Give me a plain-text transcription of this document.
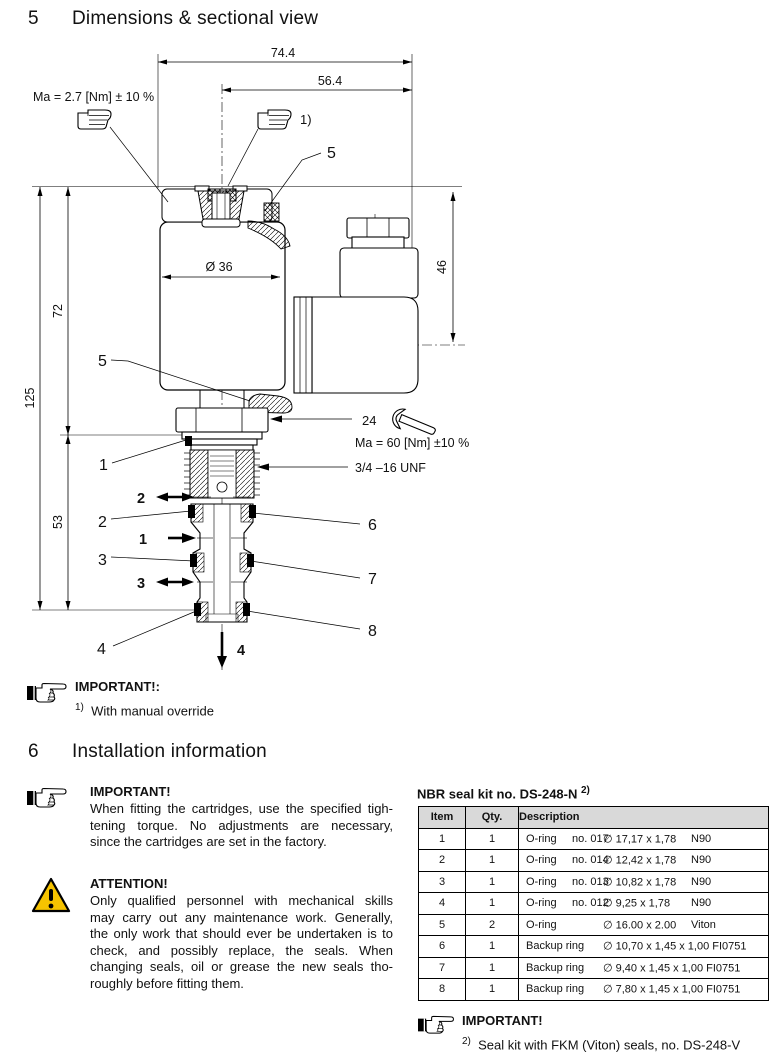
5 Dimensions & sectional view
74.4
56.4
125
72
53
46
Ø 36
2
1
3
4
5
5
1
2
3
4
6
7
8
24
Ma = 60 [Nm] ±10 %
3/4 –16 UNF
Ma = 2.7 [Nm] ± 10 %
1)
IMPORTANT!:
$^{1)}$ With manual override
6 Installation information
IMPORTANT!
When fitting the cartridges, use the specified tigh-
tening torque. No adjustments are necessary,
since the cartridges are set in the factory.
ATTENTION!
Only qualified personnel with mechanical skills
may carry out any maintenance work. Generally,
the only work that should ever be undertaken is to
check, and possibly replace, the seals. When
changing seals, oil or grease the new seals tho-
roughly before fitting them.
NBR seal kit no. DS-248-N $^{2)}$
Item	Qty.	Description
1	1	O-ring no. 017
∅ 17,17 x 1,78 N90

2	1	O-ring no. 014
∅ 12,42 x 1,78 N90

3	1	O-ring no. 013
∅ 10,82 x 1,78 N90

4	1	O-ring no. 012
∅ 9,25 x 1,78 N90

5	2	O-ring ∅ 16.00 x 2.00 Viton

6	1	Backup ring ∅ 10,70 x 1,45 x 1,00 FI0751

7	1	Backup ring ∅ 9,40 x 1,45 x 1,00 FI0751

8	1	Backup ring ∅ 7,80 x 1,45 x 1,00 FI0751
IMPORTANT!
$^{2)}$ Seal kit with FKM (Viton) seals, no. DS-248-V
